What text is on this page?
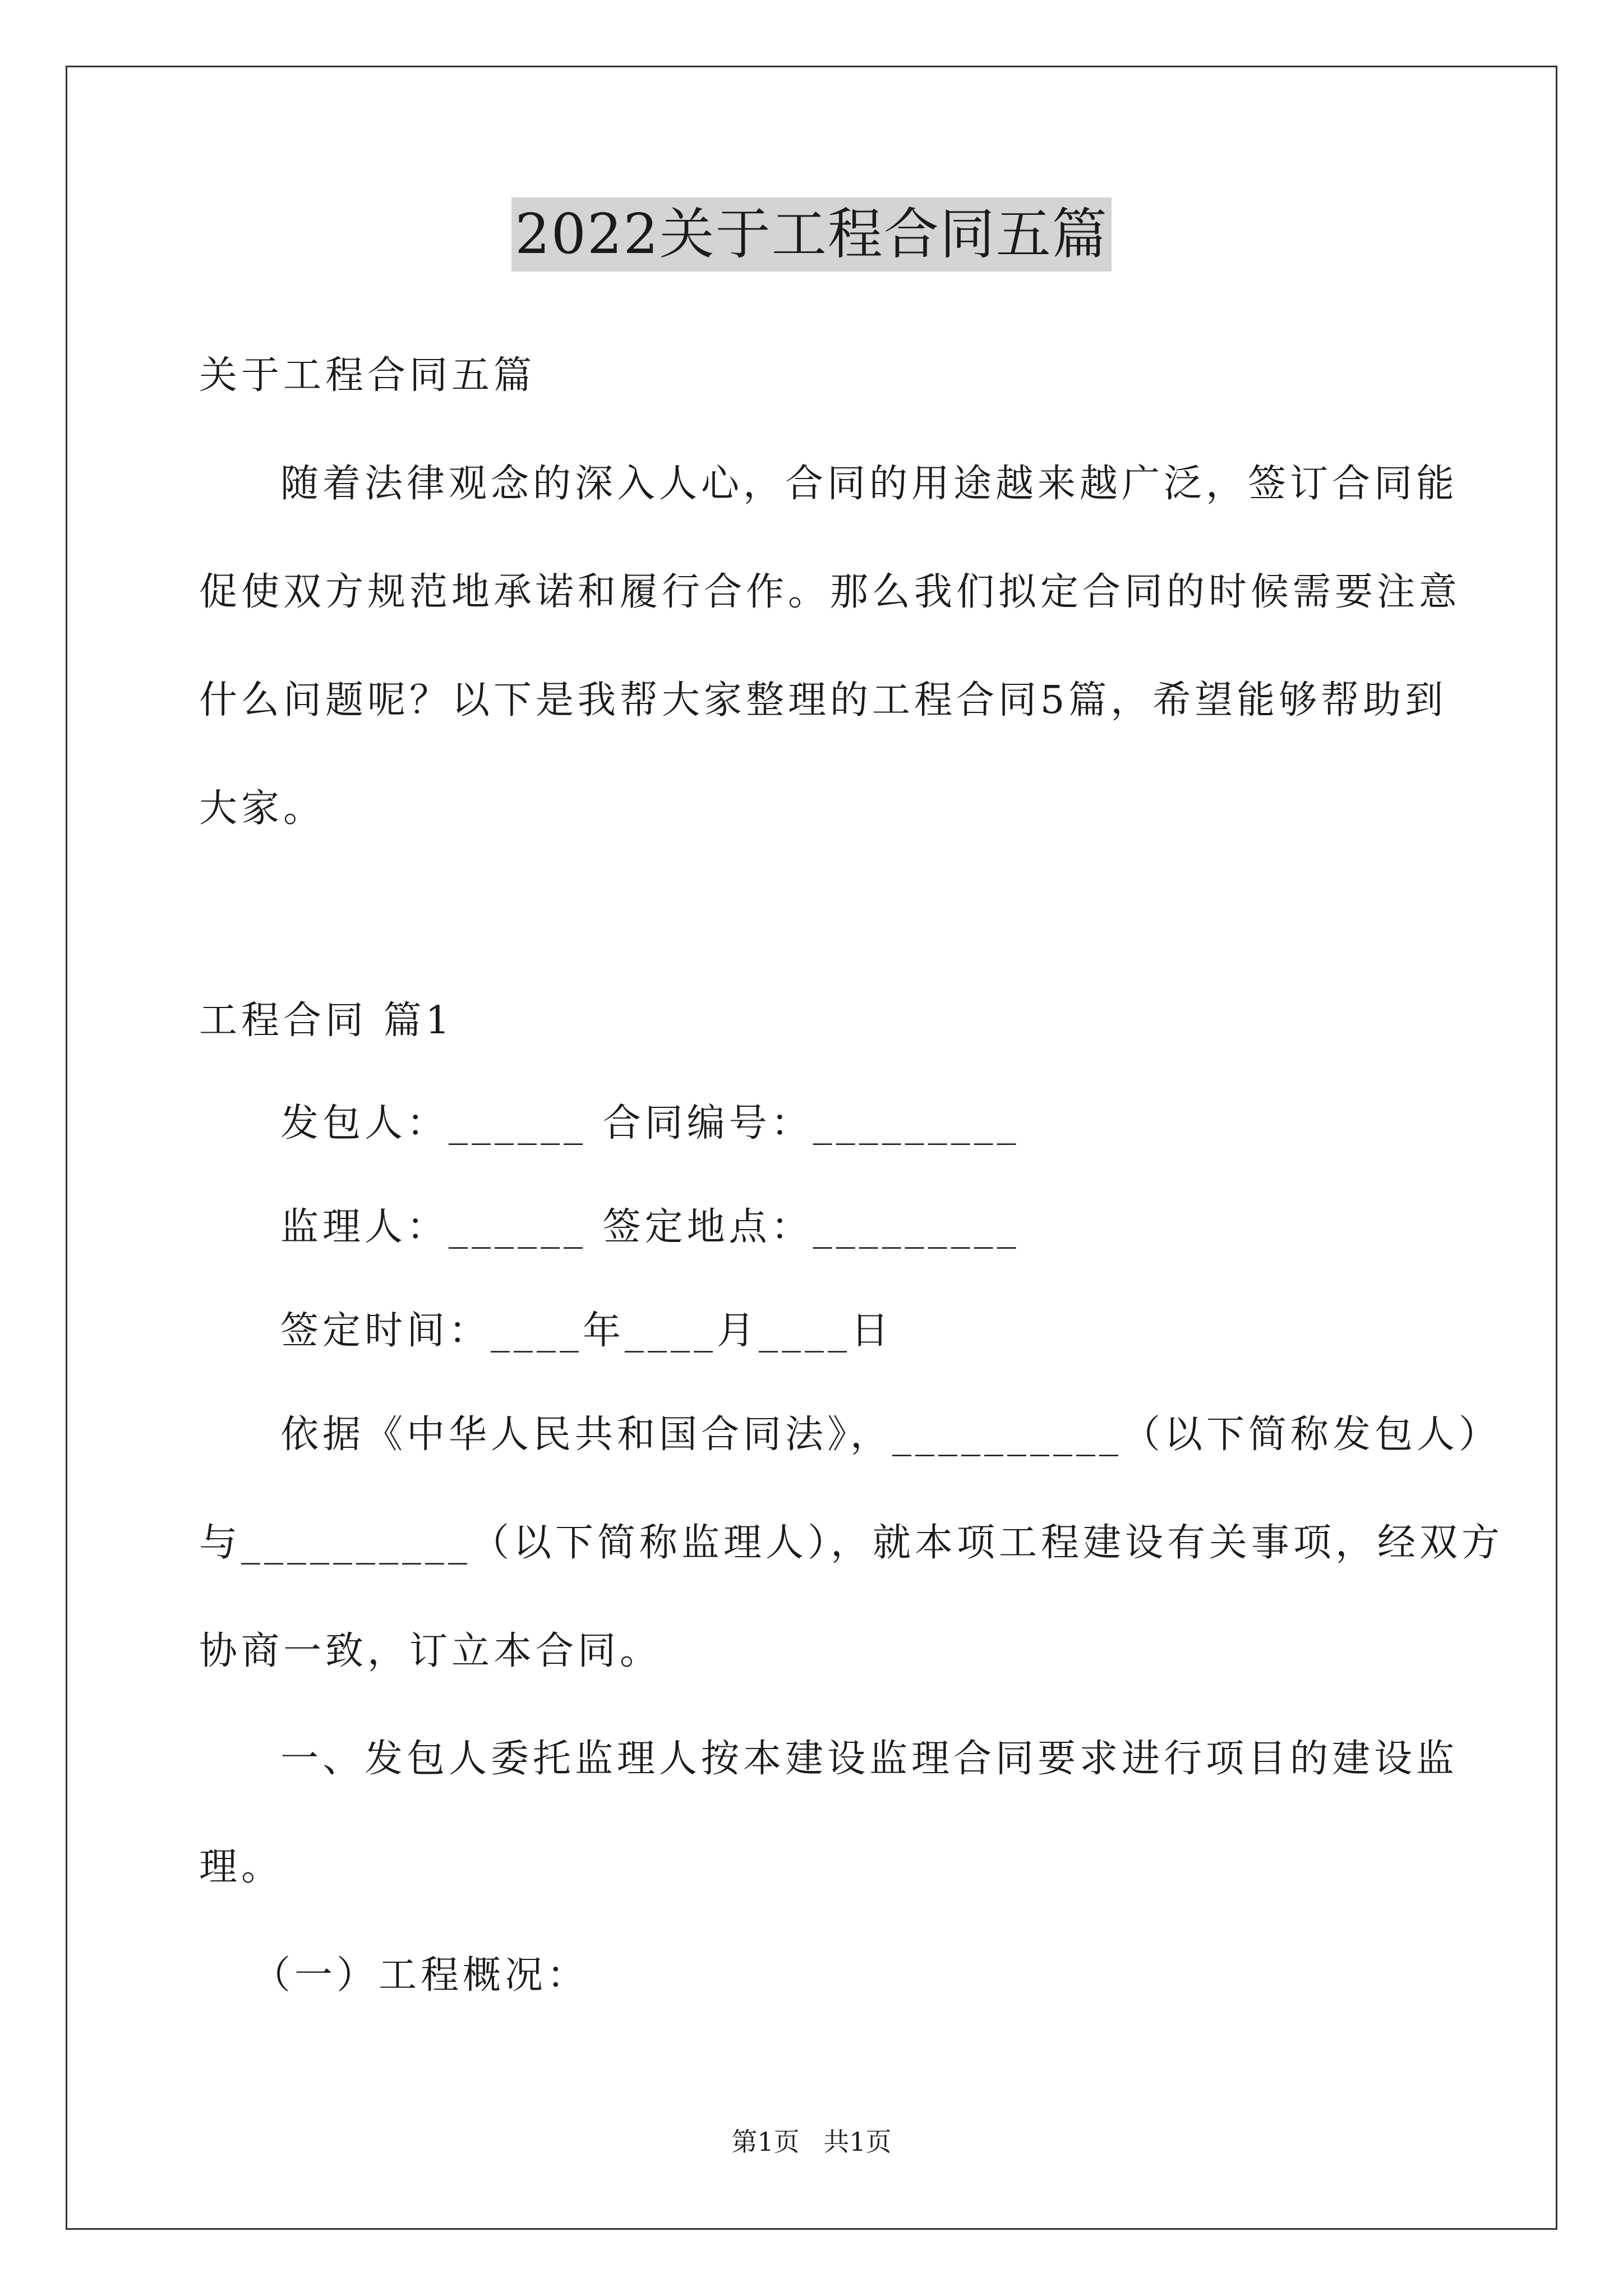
2022关于工程合同五篇
关于工程合同五篇
随着法律观念的深入人心，合同的用途越来越广泛，签订合同能
促使双方规范地承诺和履行合作。那么我们拟定合同的时候需要注意
什么问题呢？以下是我帮大家整理的工程合同5篇，希望能够帮助到
大家。
工程合同 篇1
发包人：______ 合同编号：_________
监理人：______ 签定地点：_________
签定时间：____年____月____日
依据《中华人民共和国合同法》，__________（以下简称发包人）
与__________（以下简称监理人），就本项工程建设有关事项，经双方
协商一致，订立本合同。
一、发包人委托监理人按本建设监理合同要求进行项目的建设监
理。
（一）工程概况：
第1页 共1页
